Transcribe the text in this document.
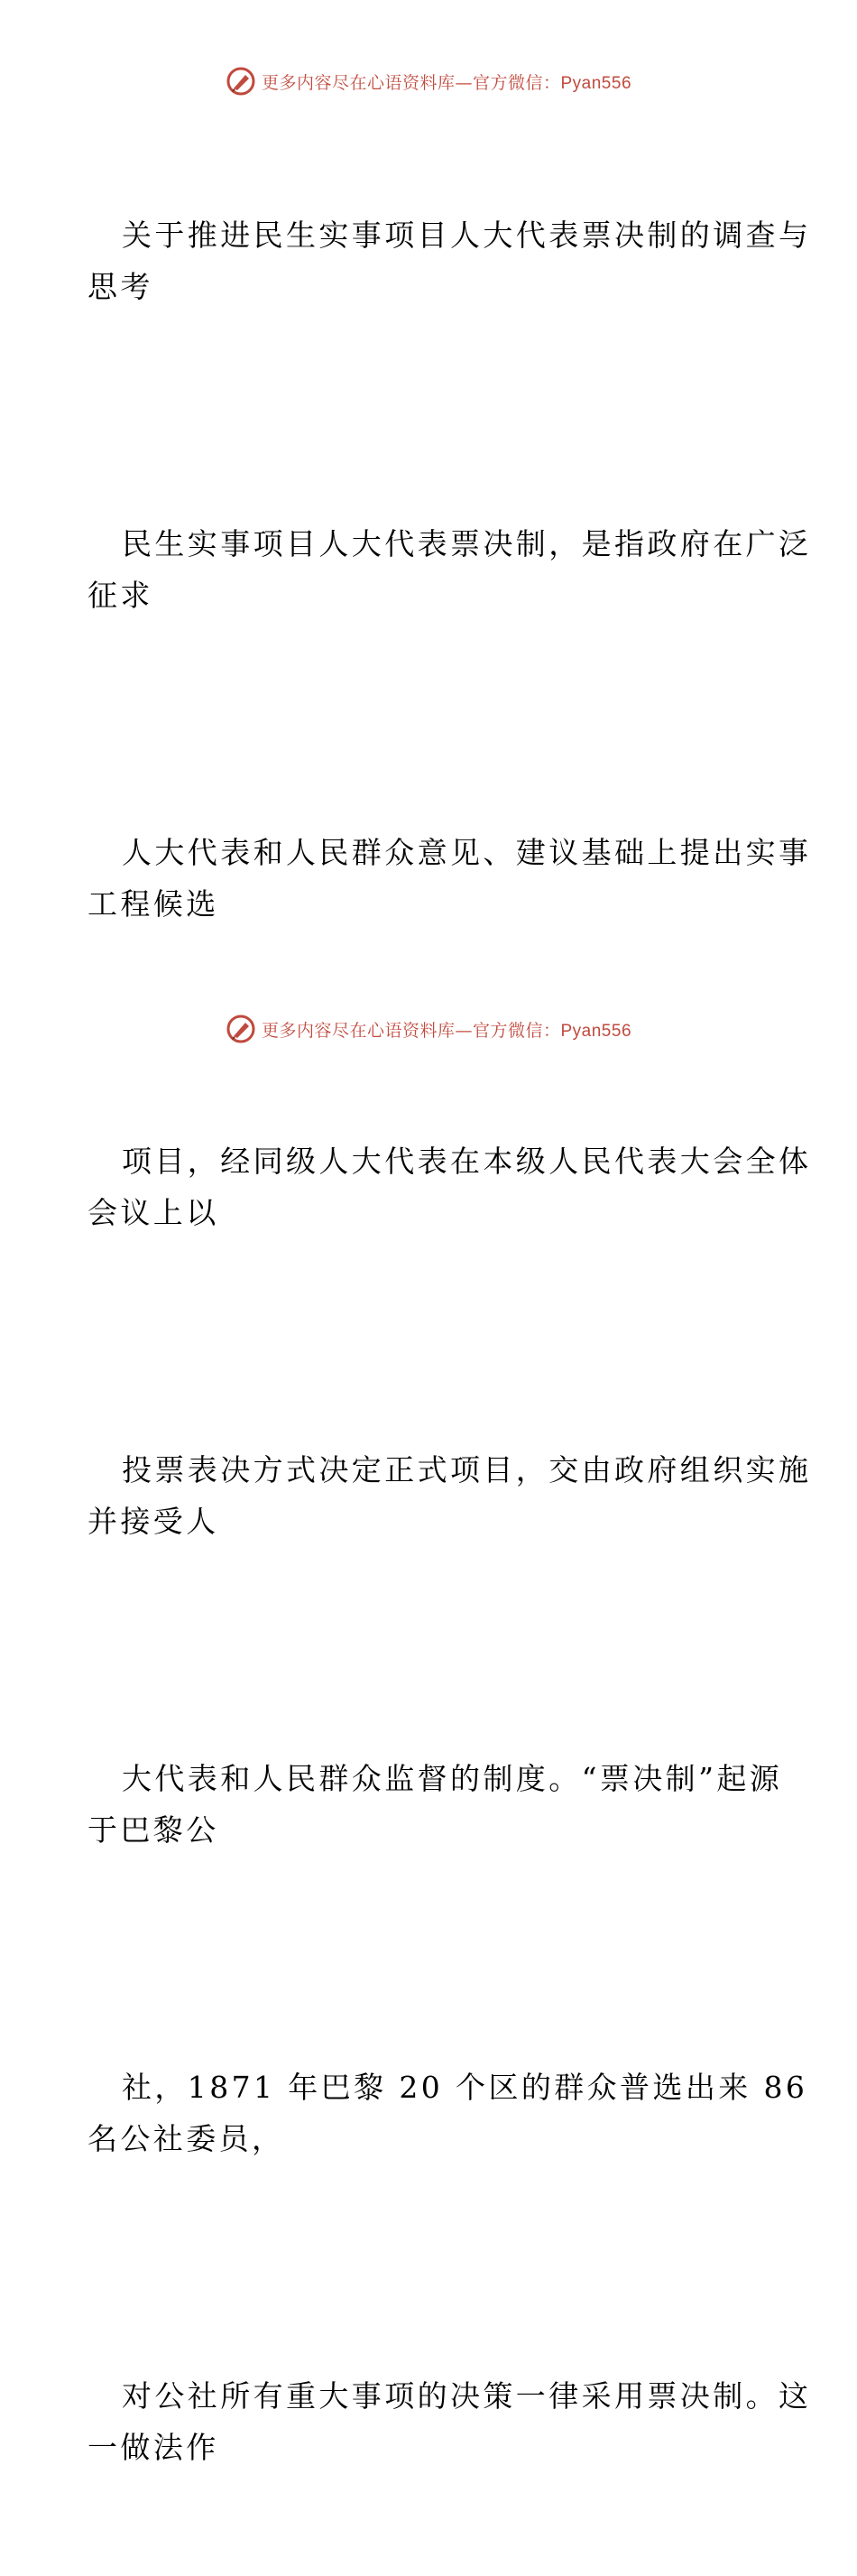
更多内容尽在心语资料库—官方微信：Pyan556

关于推进民生实事项目人大代表票决制的调查与
思考

民生实事项目人大代表票决制，是指政府在广泛
征求

人大代表和人民群众意见、建议基础上提出实事
工程候选

项目，经同级人大代表在本级人民代表大会全体
会议上以

投票表决方式决定正式项目，交由政府组织实施
并接受人

大代表和人民群众监督的制度。“票决制”起源
于巴黎公

社，1871 年巴黎 20 个区的群众普选出来 86
名公社委员，

对公社所有重大事项的决策一律采用票决制。这
一做法作

更多内容尽在心语资料库—官方微信：Pyan556
